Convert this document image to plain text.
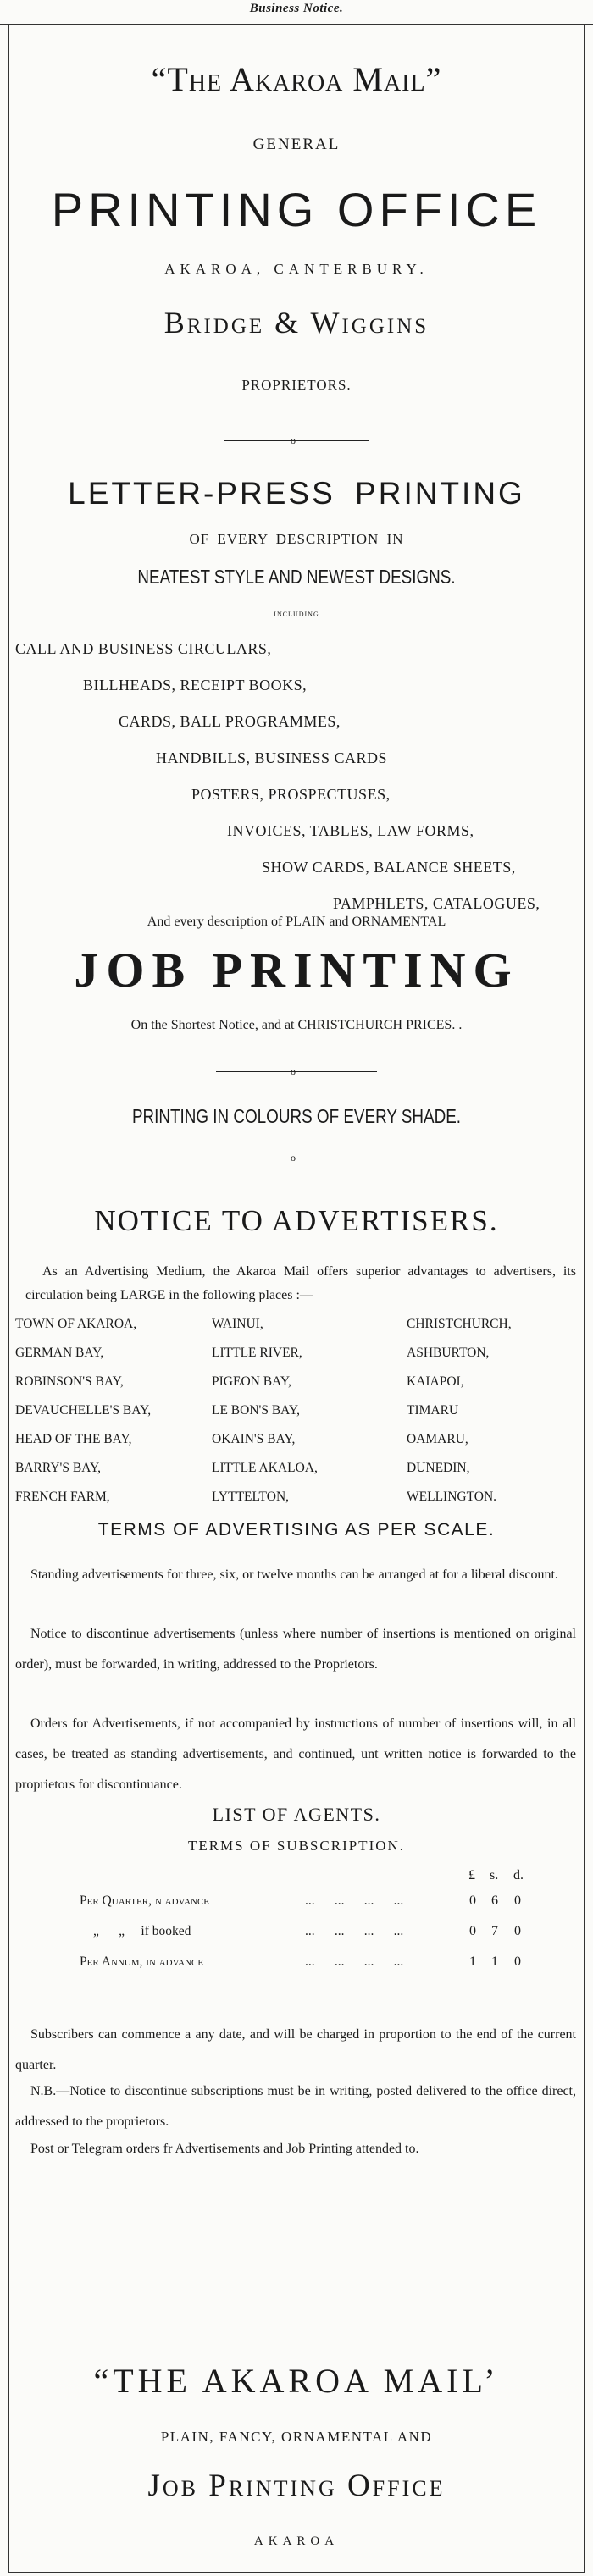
Business Notice.
“The Akaroa Mail”
GENERAL
PRINTING OFFICE
AKAROA, CANTERBURY.
Bridge & Wiggins
PROPRIETORS.
o
LETTER-PRESS PRINTING
OF EVERY DESCRIPTION IN
NEATEST STYLE AND NEWEST DESIGNS.
including
CALL AND BUSINESS CIRCULARS,
BILLHEADS, RECEIPT BOOKS,
CARDS, BALL PROGRAMMES,
HANDBILLS, BUSINESS CARDS
POSTERS, PROSPECTUSES,
INVOICES, TABLES, LAW FORMS,
SHOW CARDS, BALANCE SHEETS,
PAMPHLETS, CATALOGUES,
And every description of PLAIN and ORNAMENTAL
JOB PRINTING
On the Shortest Notice, and at CHRISTCHURCH PRICES. .
o
PRINTING IN COLOURS OF EVERY SHADE.
o
NOTICE TO ADVERTISERS.
As an Advertising Medium, the Akaroa Mail offers superior advantages to advertisers, its circulation being LARGE in the following places :—
TOWN OF AKAROA,	WAINUI,	CHRISTCHURCH,
GERMAN BAY,	LITTLE RIVER,	ASHBURTON,
ROBINSON'S BAY,	PIGEON BAY,	KAIAPOI,
DEVAUCHELLE'S BAY,	LE BON'S BAY,	TIMARU
HEAD OF THE BAY,	OKAIN'S BAY,	OAMARU,
BARRY'S BAY,	LITTLE AKALOA,	DUNEDIN,
FRENCH FARM,	LYTTELTON,	WELLINGTON.
TERMS OF ADVERTISING AS PER SCALE.
Standing advertisements for three, six, or twelve months can be arranged at for a liberal discount.
Notice to discontinue advertisements (unless where number of insertions is mentioned on original order), must be forwarded, in writing, addressed to the Proprietors.
Orders for Advertisements, if not accompanied by instructions of number of insertions will, in all cases, be treated as standing advertisements, and continued, unt written notice is forwarded to the proprietors for discontinuance.
LIST OF AGENTS.
TERMS OF SUBSCRIPTION.
£ s. d.
Per Quarter, n advance	...      ...      ...      ...	0 6 0
„      „     if booked	...      ...      ...      ...	0 7 0
Per Annum, in advance	...      ...      ...      ...	1 1 0
Subscribers can commence a any date, and will be charged in proportion to the end of the current quarter.
N.B.—Notice to discontinue subscriptions must be in writing, posted delivered to the office direct, addressed to the proprietors.
Post or Telegram orders fr Advertisements and Job Printing attended to.
“THE AKAROA MAIL’
PLAIN, FANCY, ORNAMENTAL AND
Job Printing Office
AKAROA
